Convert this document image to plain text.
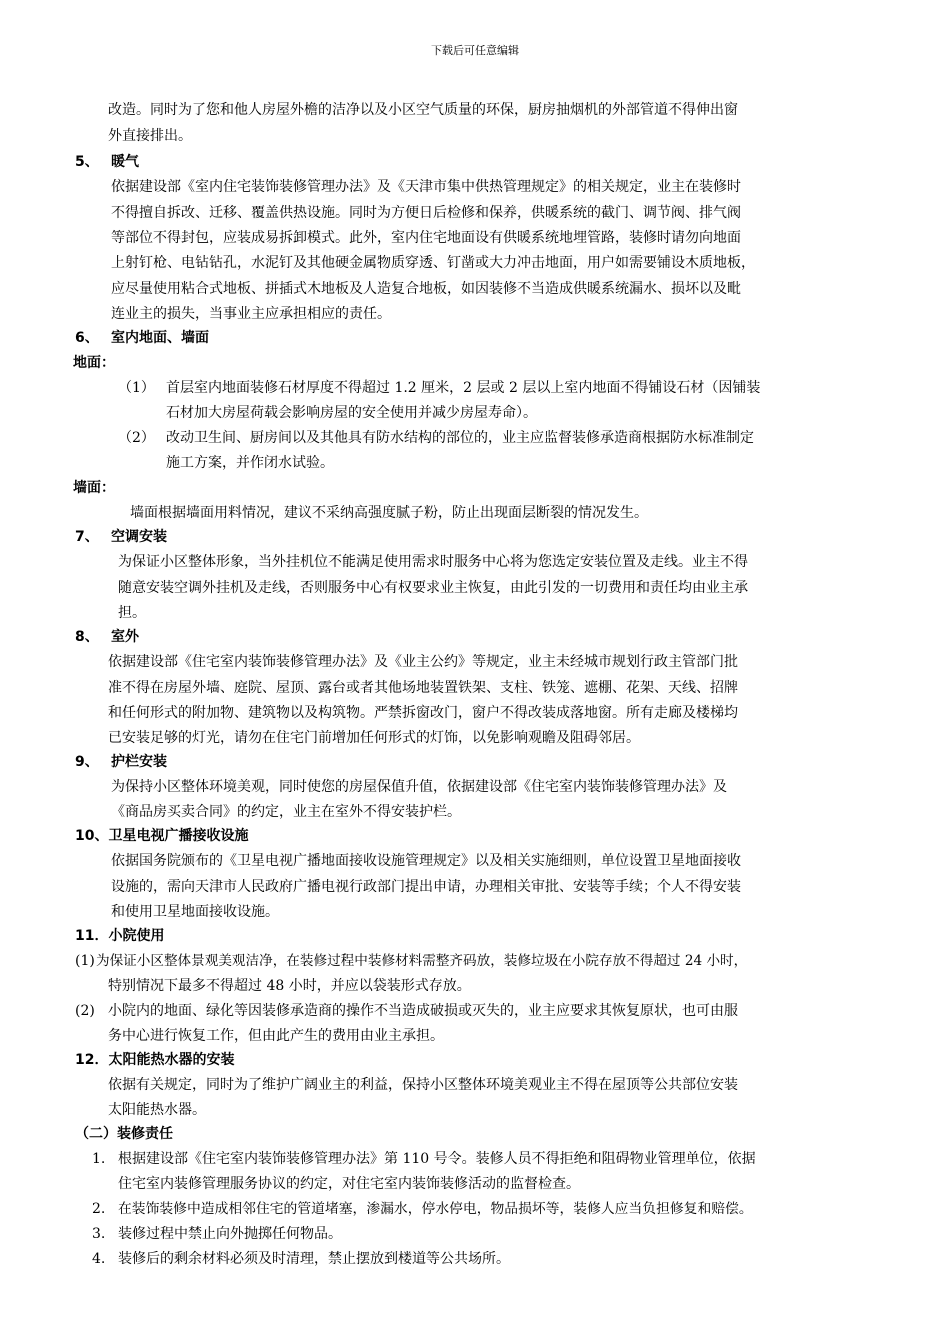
下载后可任意编辑
改造。同时为了您和他人房屋外檐的洁净以及小区空气质量的环保，厨房抽烟机的外部管道不得伸出窗
外直接排出。
5、 暖气
依据建设部《室内住宅装饰装修管理办法》及《天津市集中供热管理规定》的相关规定，业主在装修时
不得擅自拆改、迁移、覆盖供热设施。同时为方便日后检修和保养，供暖系统的截门、调节阀、排气阀
等部位不得封包，应装成易拆卸模式。此外，室内住宅地面设有供暖系统地埋管路，装修时请勿向地面
上射钉枪、电钻钻孔，水泥钉及其他硬金属物质穿透、钉凿或大力冲击地面，用户如需要铺设木质地板，
应尽量使用粘合式地板、拼插式木地板及人造复合地板，如因装修不当造成供暖系统漏水、损坏以及毗
连业主的损失，当事业主应承担相应的责任。
6、 室内地面、墙面
地面：
（1） 首层室内地面装修石材厚度不得超过 1.2 厘米，2 层或 2 层以上室内地面不得铺设石材（因铺装
石材加大房屋荷载会影响房屋的安全使用并减少房屋寿命）。
（2） 改动卫生间、厨房间以及其他具有防水结构的部位的，业主应监督装修承造商根据防水标准制定
施工方案，并作闭水试验。
墙面：
墙面根据墙面用料情况，建议不采纳高强度腻子粉，防止出现面层断裂的情况发生。
7、 空调安装
为保证小区整体形象，当外挂机位不能满足使用需求时服务中心将为您选定安装位置及走线。业主不得
随意安装空调外挂机及走线，否则服务中心有权要求业主恢复，由此引发的一切费用和责任均由业主承
担。
8、 室外
依据建设部《住宅室内装饰装修管理办法》及《业主公约》等规定，业主未经城市规划行政主管部门批
准不得在房屋外墙、庭院、屋顶、露台或者其他场地装置铁架、支柱、铁笼、遮棚、花架、天线、招牌
和任何形式的附加物、建筑物以及构筑物。严禁拆窗改门，窗户不得改装成落地窗。所有走廊及楼梯均
已安装足够的灯光，请勿在住宅门前增加任何形式的灯饰，以免影响观瞻及阻碍邻居。
9、 护栏安装
为保持小区整体环境美观，同时使您的房屋保值升值，依据建设部《住宅室内装饰装修管理办法》及
《商品房买卖合同》的约定，业主在室外不得安装护栏。
10、卫星电视广播接收设施
依据国务院颁布的《卫星电视广播地面接收设施管理规定》以及相关实施细则，单位设置卫星地面接收
设施的，需向天津市人民政府广播电视行政部门提出申请，办理相关审批、安装等手续；个人不得安装
和使用卫星地面接收设施。
11．小院使用
(1) 为保证小区整体景观美观洁净，在装修过程中装修材料需整齐码放，装修垃圾在小院存放不得超过 24 小时，
特别情况下最多不得超过 48 小时，并应以袋装形式存放。
(2) 小院内的地面、绿化等因装修承造商的操作不当造成破损或灭失的，业主应要求其恢复原状，也可由服
务中心进行恢复工作，但由此产生的费用由业主承担。
12．太阳能热水器的安装
依据有关规定，同时为了维护广阔业主的利益，保持小区整体环境美观业主不得在屋顶等公共部位安装
太阳能热水器。
（二）装修责任
1. 根据建设部《住宅室内装饰装修管理办法》第 110 号令。装修人员不得拒绝和阻碍物业管理单位，依据
住宅室内装修管理服务协议的约定，对住宅室内装饰装修活动的监督检查。
2. 在装饰装修中造成相邻住宅的管道堵塞，渗漏水，停水停电，物品损坏等，装修人应当负担修复和赔偿。
3. 装修过程中禁止向外抛掷任何物品。
4. 装修后的剩余材料必须及时清理，禁止摆放到楼道等公共场所。
